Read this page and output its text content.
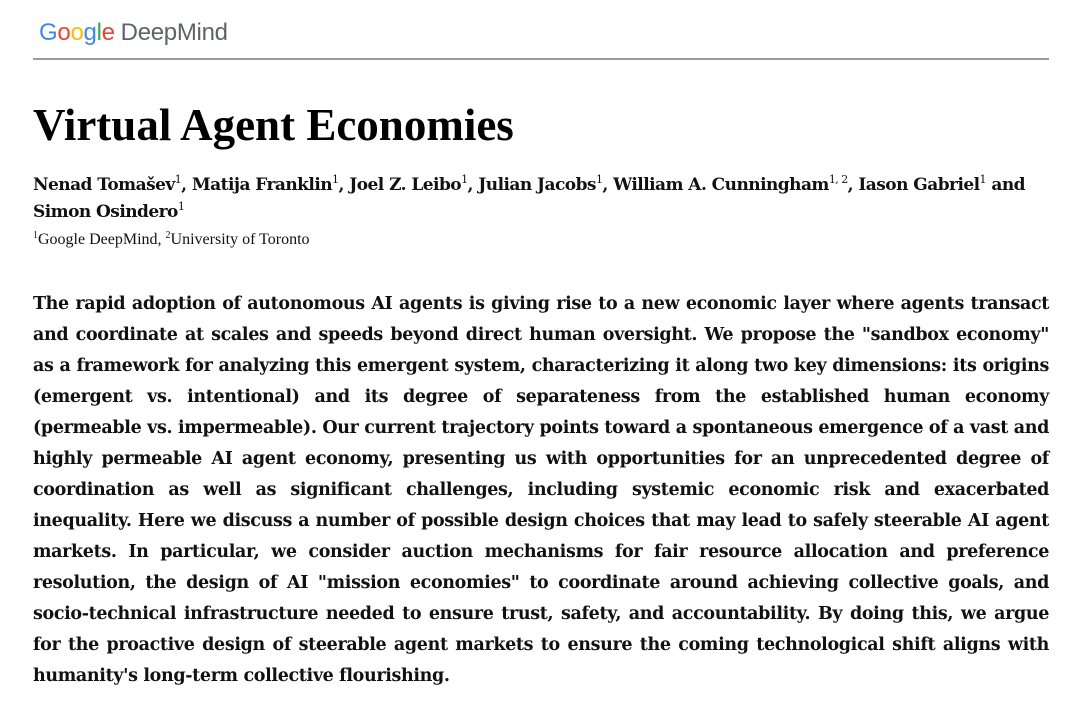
Google DeepMind
Virtual Agent Economies
Nenad Tomašev$^1$, Matija Franklin$^1$, Joel Z. Leibo$^1$, Julian Jacobs$^1$, William A. Cunningham$^{1, 2}$, Iason Gabriel$^1$ and Simon Osindero$^1$
$^1$Google DeepMind, $^2$University of Toronto

The rapid adoption of autonomous AI agents is giving rise to a new economic layer where agents transact and coordinate at scales and speeds beyond direct human oversight. We propose the "sandbox economy" as a framework for analyzing this emergent system, characterizing it along two key dimensions: its origins (emergent vs. intentional) and its degree of separateness from the established human economy (permeable vs. impermeable). Our current trajectory points toward a spontaneous emergence of a vast and highly permeable AI agent economy, presenting us with opportunities for an unprecedented degree of coordination as well as significant challenges, including systemic economic risk and exacerbated inequality. Here we discuss a number of possible design choices that may lead to safely steerable AI agent markets. In particular, we consider auction mechanisms for fair resource allocation and preference resolution, the design of AI "mission economies" to coordinate around achieving collective goals, and socio-technical infrastructure needed to ensure trust, safety, and accountability. By doing this, we argue for the proactive design of steerable agent markets to ensure the coming technological shift aligns with humanity's long-term collective flourishing.
